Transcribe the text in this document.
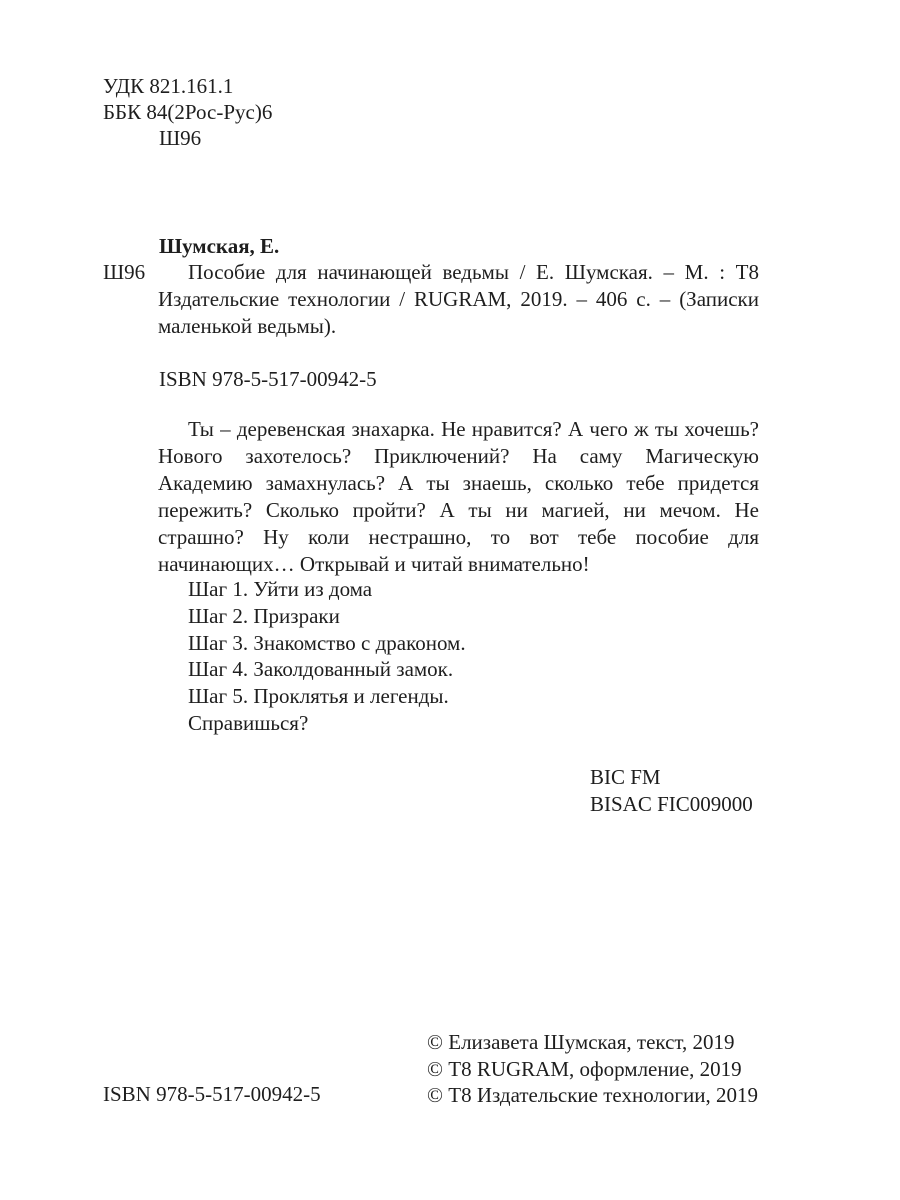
УДК 821.161.1
ББК 84(2Рос-Рус)6
Ш96
Шумская, Е.
Ш96	Пособие для начинающей ведьмы / Е. Шумская. – М. : Т8 Издательские технологии / RUGRAM, 2019. – 406 с. – (Записки маленькой ведьмы).
ISBN 978-5-517-00942-5
Ты – деревенская знахарка. Не нравится? А чего ж ты хочешь? Нового захотелось? Приключений? На саму Магическую Академию замахнулась? А ты знаешь, сколько тебе придется пережить? Сколько пройти? А ты ни магией, ни мечом. Не страшно? Ну коли нестрашно, то вот тебе пособие для начинающих… Открывай и читай внимательно!
Шаг 1. Уйти из дома
Шаг 2. Призраки
Шаг 3. Знакомство с драконом.
Шаг 4. Заколдованный замок.
Шаг 5. Проклятья и легенды.
Справишься?
BIC FM
BISAC FIC009000
ISBN 978-5-517-00942-5
© Елизавета Шумская, текст, 2019
© Т8 RUGRAM, оформление, 2019
© Т8 Издательские технологии, 2019
